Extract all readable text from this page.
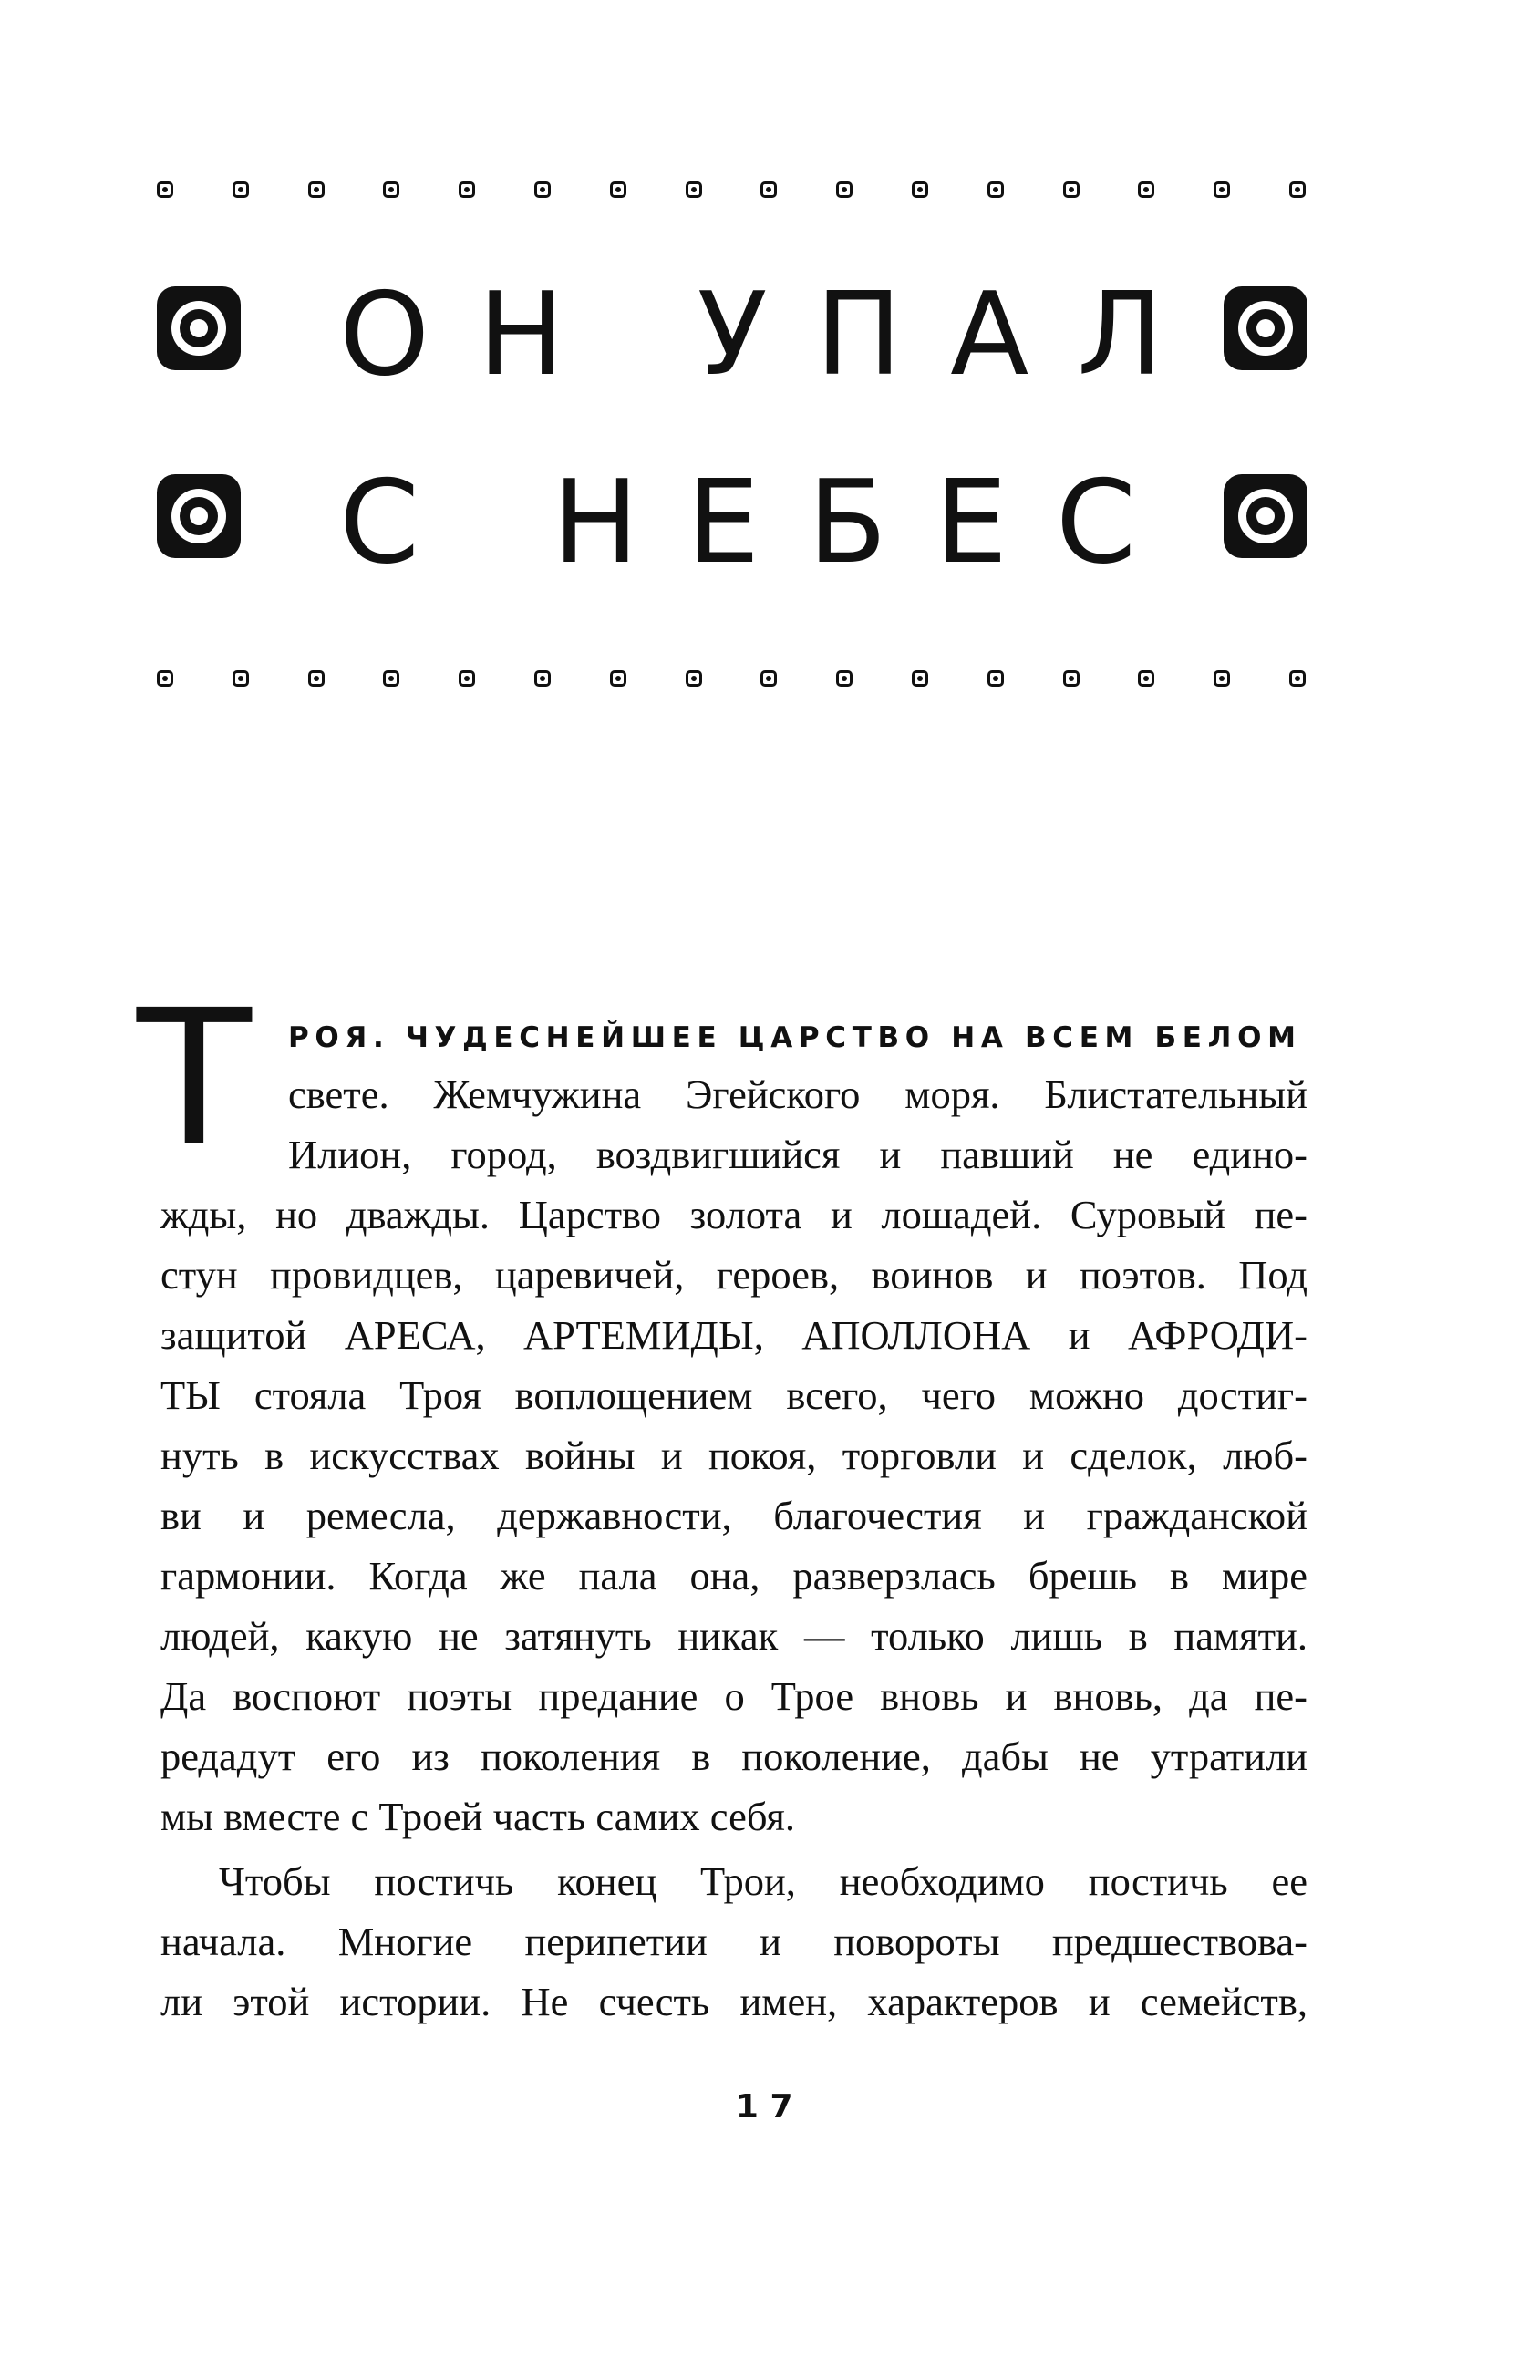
ОН УПАЛ
С НЕБЕС
Т РОЯ. ЧУДЕСНЕЙШЕЕ ЦАРСТВО НА ВСЕМ БЕЛОМ
свете. Жемчужина Эгейского моря. Блистательный
Илион, город, воздвигшийся и павший не едино-
жды, но дважды. Царство золота и лошадей. Суровый пе-
стун провидцев, царевичей, героев, воинов и поэтов. Под
защитой АРЕСА, АРТЕМИДЫ, АПОЛЛОНА и АФРОДИ-
ТЫ стояла Троя воплощением всего, чего можно достиг-
нуть в искусствах войны и покоя, торговли и сделок, люб-
ви и ремесла, державности, благочестия и гражданской
гармонии. Когда же пала она, разверзлась брешь в мире
людей, какую не затянуть никак — только лишь в памяти.
Да воспоют поэты предание о Трое вновь и вновь, да пе-
редадут его из поколения в поколение, дабы не утратили
мы вместе с Троей часть самих себя.
Чтобы постичь конец Трои, необходимо постичь ее
начала. Многие перипетии и повороты предшествова-
ли этой истории. Не счесть имен, характеров и семейств,
17
